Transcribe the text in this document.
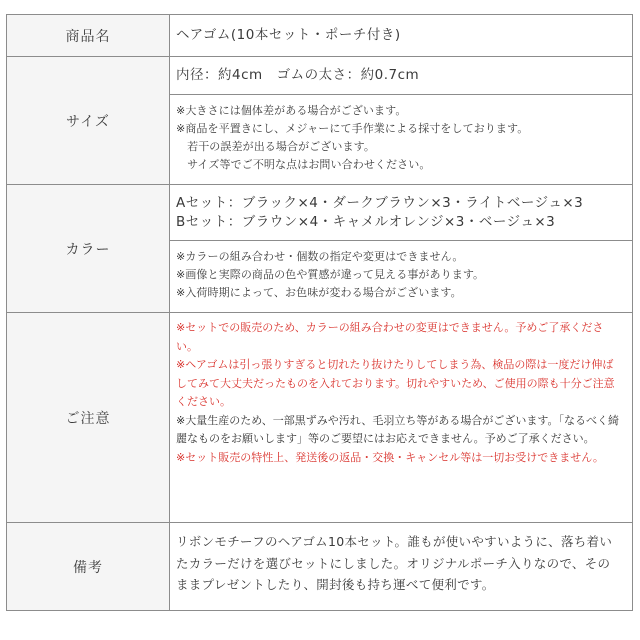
商品名	ヘアゴム(10本セット・ポーチ付き)

サイズ	内径：約4cm　ゴムの太さ：約0.7cm

	※大きさには個体差がある場合がございます。
※商品を平置きにし、メジャーにて手作業による採寸をしております。
　若干の誤差が出る場合がございます。
　サイズ等でご不明な点はお問い合わせください。

カラー	Aセット：ブラック×4・ダークブラウン×3・ライトベージュ×3
Bセット：ブラウン×4・キャメルオレンジ×3・ベージュ×3

	※カラーの組み合わせ・個数の指定や変更はできません。
※画像と実際の商品の色や質感が違って見える事があります。
※入荷時期によって、お色味が変わる場合がございます。

ご注意	※セットでの販売のため、カラーの組み合わせの変更はできません。予めご了承ください。
※ヘアゴムは引っ張りすぎると切れたり抜けたりしてしまう為、検品の際は一度だけ伸ばしてみて大丈夫だったものを入れております。切れやすいため、ご使用の際も十分ご注意ください。
※大量生産のため、一部黒ずみや汚れ、毛羽立ち等がある場合がございます。「なるべく綺麗なものをお願いします」等のご要望にはお応えできません。予めご了承ください。
※セット販売の特性上、発送後の返品・交換・キャンセル等は一切お受けできません。

備考	リボンモチーフのヘアゴム10本セット。誰もが使いやすいように、落ち着いたカラーだけを選びセットにしました。オリジナルポーチ入りなので、そのままプレゼントしたり、開封後も持ち運べて便利です。
